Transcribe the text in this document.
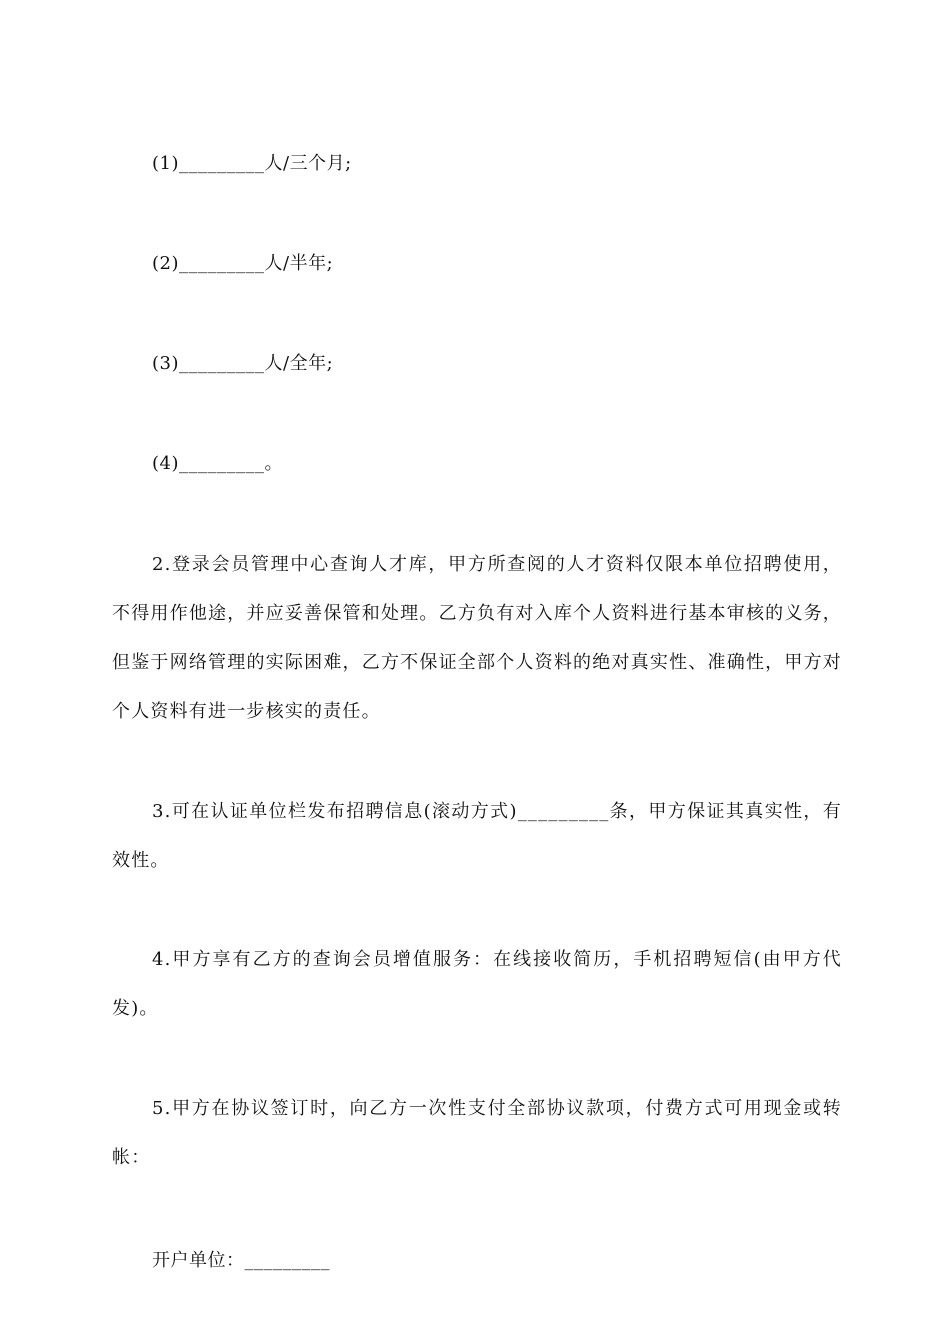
(1)_________人/三个月;
(2)_________人/半年;
(3)_________人/全年;
(4)_________。
2.登录会员管理中心查询人才库，甲方所查阅的人才资料仅限本单位招聘使用，不得用作他途，并应妥善保管和处理。乙方负有对入库个人资料进行基本审核的义务，但鉴于网络管理的实际困难，乙方不保证全部个人资料的绝对真实性、准确性，甲方对个人资料有进一步核实的责任。
3.可在认证单位栏发布招聘信息(滚动方式)_________条，甲方保证其真实性，有效性。
4.甲方享有乙方的查询会员增值服务：在线接收简历，手机招聘短信(由甲方代发)。
5.甲方在协议签订时，向乙方一次性支付全部协议款项，付费方式可用现金或转帐：
开户单位：_________
